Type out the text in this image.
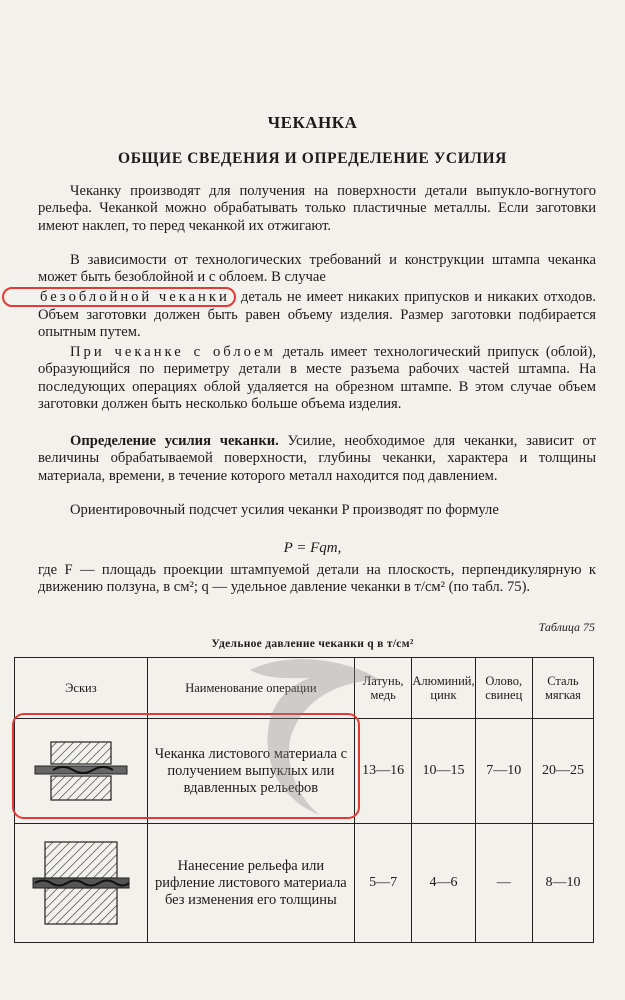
ЧЕКАНКА
ОБЩИЕ СВЕДЕНИЯ И ОПРЕДЕЛЕНИЕ УСИЛИЯ

Чеканку производят для получения на поверхности детали выпукло-вогнутого рельефа. Чеканкой можно обрабатывать только пластичные металлы. Если заготовки имеют наклеп, то перед чеканкой их отжигают.

В зависимости от технологических требований и конструкции штампа чеканка может быть безоблойной и с облоем. В случае
безоблойной чеканки деталь не имеет никаких припусков и никаких отходов. Объем заготовки должен быть равен объему изделия. Размер заготовки подбирается опытным путем.

При чеканке с облоем деталь имеет технологический припуск (облой), образующийся по периметру детали в месте разъема рабочих частей штампа. На последующих операциях облой удаляется на обрезном штампе. В этом случае объем заготовки должен быть несколько больше объема изделия.

Определение усилия чеканки. Усилие, необходимое для чеканки, зависит от величины обрабатываемой поверхности, глубины чеканки, характера и толщины материала, времени, в течение которого металл находится под давлением.

Ориентировочный подсчет усилия чеканки P производят по формуле

P = Fqm,

где F — площадь проекции штампуемой детали на плоскость, перпендикулярную к движению ползуна, в см²; q — удельное давление чеканки в т/см² (по табл. 75).

Таблица 75
Удельное давление чеканки q в т/см²
Эскиз	Наименование операции	Латунь, медь	Алюминий, цинк	Олово, свинец	Сталь мягкая

	Чеканка листового материала с получением выпуклых или вдавленных рельефов	13—16	10—15	7—10	20—25

	Нанесение рельефа или рифление листового материала без изменения его толщины	5—7	4—6	—	8—10
